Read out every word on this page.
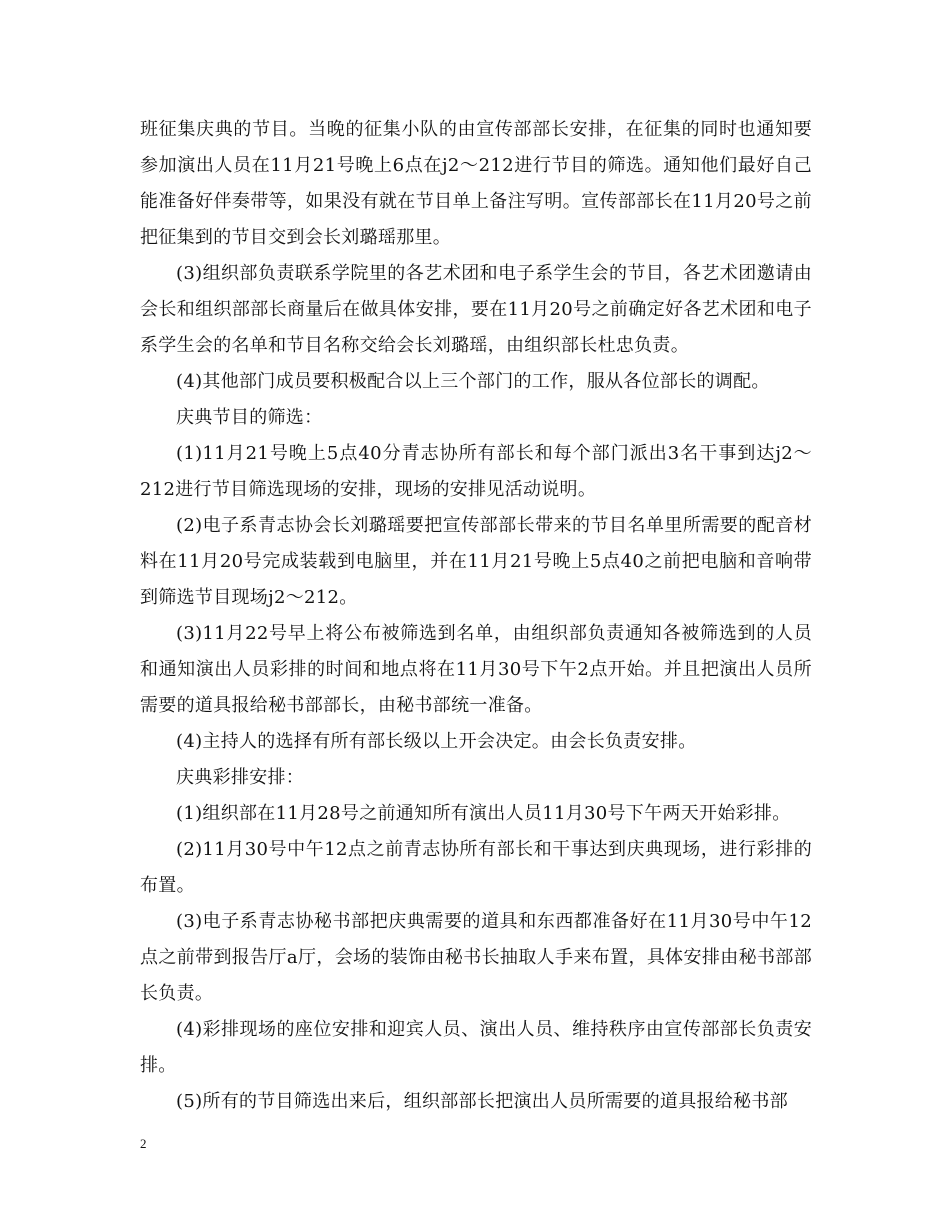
班征集庆典的节目。当晚的征集小队的由宣传部部长安排，在征集的同时也通知要参加演出人员在11月21号晚上6点在j2～212进行节目的筛选。通知他们最好自己能准备好伴奏带等，如果没有就在节目单上备注写明。宣传部部长在11月20号之前把征集到的节目交到会长刘璐瑶那里。

(3)组织部负责联系学院里的各艺术团和电子系学生会的节目，各艺术团邀请由会长和组织部部长商量后在做具体安排，要在11月20号之前确定好各艺术团和电子系学生会的名单和节目名称交给会长刘璐瑶，由组织部长杜忠负责。

(4)其他部门成员要积极配合以上三个部门的工作，服从各位部长的调配。

庆典节目的筛选：

(1)11月21号晚上5点40分青志协所有部长和每个部门派出3名干事到达j2～212进行节目筛选现场的安排，现场的安排见活动说明。

(2)电子系青志协会长刘璐瑶要把宣传部部长带来的节目名单里所需要的配音材料在11月20号完成装载到电脑里，并在11月21号晚上5点40之前把电脑和音响带到筛选节目现场j2～212。

(3)11月22号早上将公布被筛选到名单，由组织部负责通知各被筛选到的人员和通知演出人员彩排的时间和地点将在11月30号下午2点开始。并且把演出人员所需要的道具报给秘书部部长，由秘书部统一准备。

(4)主持人的选择有所有部长级以上开会决定。由会长负责安排。

庆典彩排安排：

(1)组织部在11月28号之前通知所有演出人员11月30号下午两天开始彩排。

(2)11月30号中午12点之前青志协所有部长和干事达到庆典现场，进行彩排的布置。

(3)电子系青志协秘书部把庆典需要的道具和东西都准备好在11月30号中午12点之前带到报告厅a厅，会场的装饰由秘书长抽取人手来布置，具体安排由秘书部部长负责。

(4)彩排现场的座位安排和迎宾人员、演出人员、维持秩序由宣传部部长负责安排。

(5)所有的节目筛选出来后，组织部部长把演出人员所需要的道具报给秘书部

2
